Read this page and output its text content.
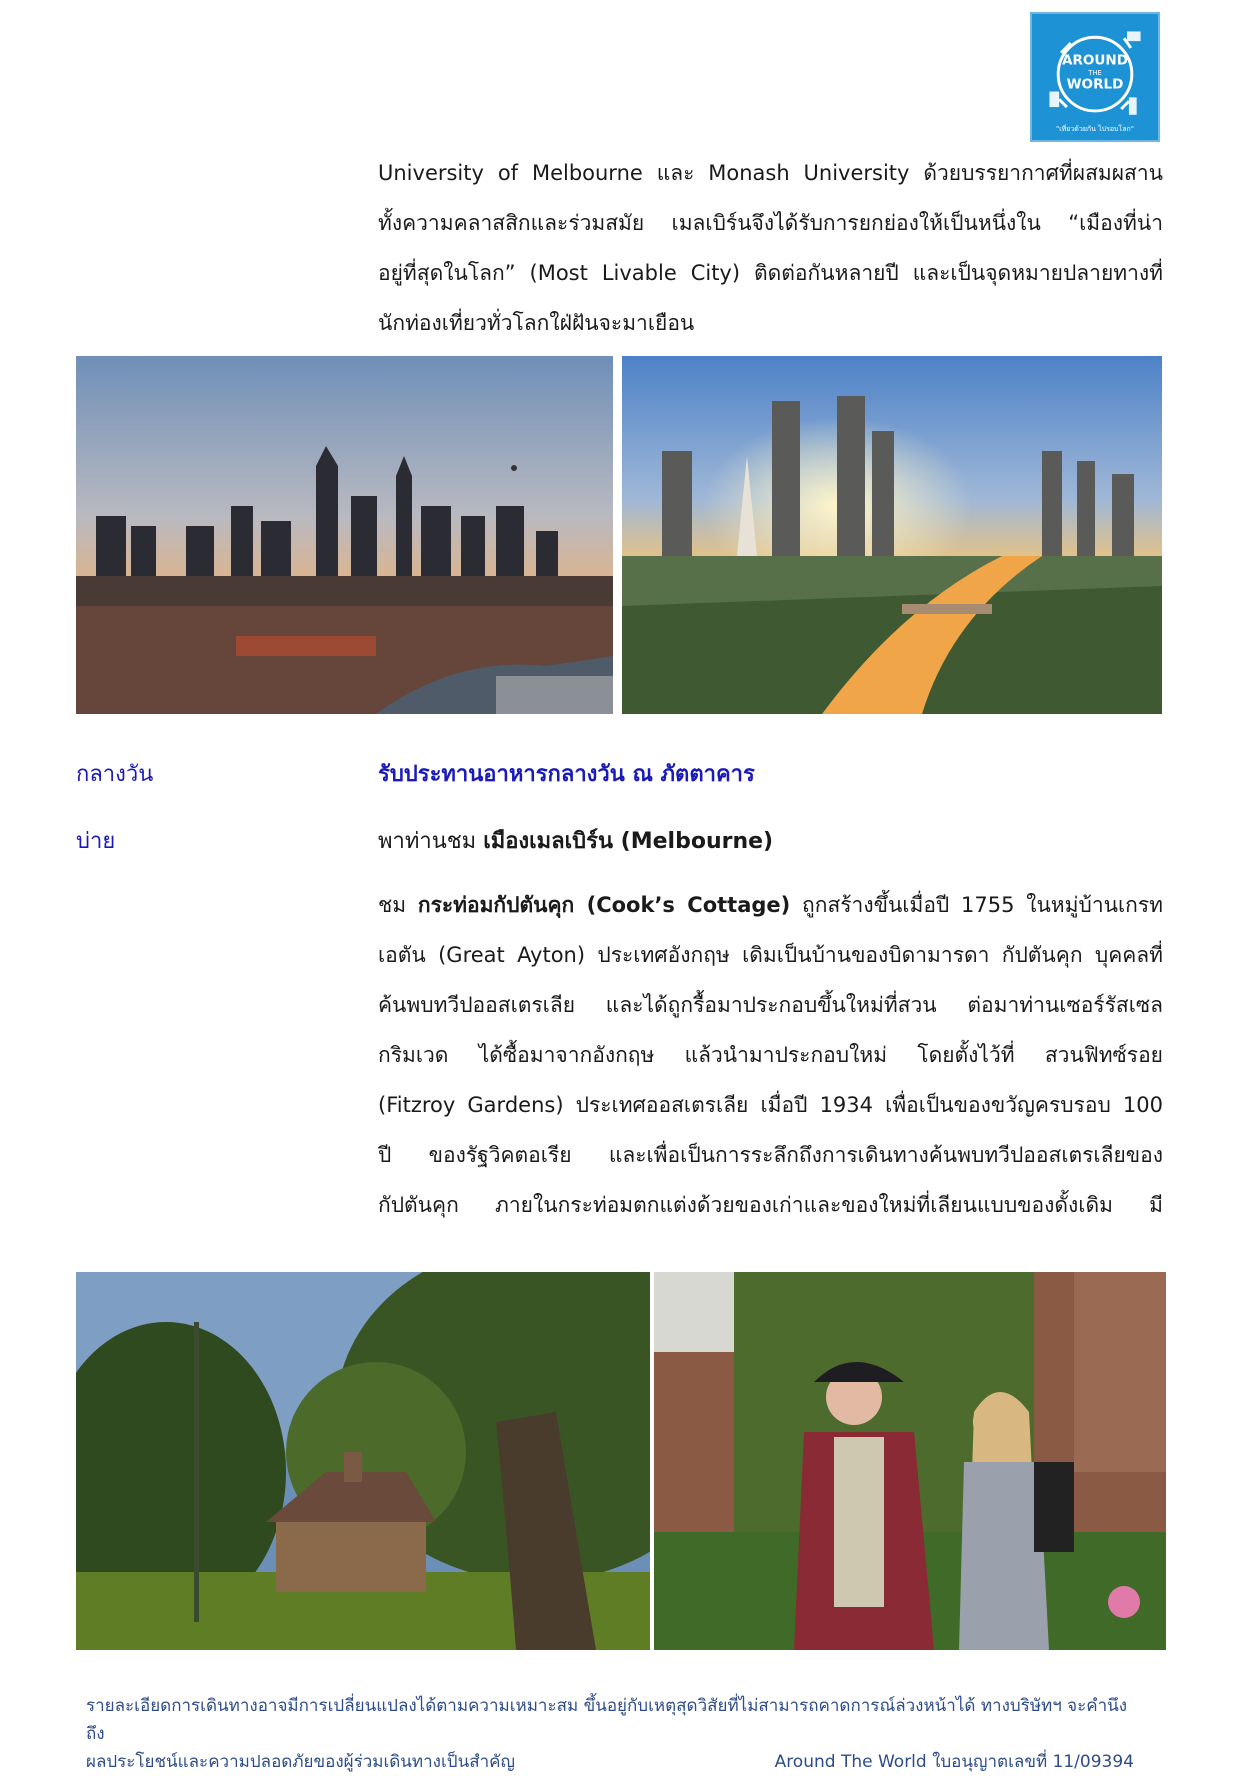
AROUND
THE
WORLD
"เที่ยวด้วยกัน ไปรอบโลก"

University of Melbourne และ Monash University ด้วยบรรยากาศที่ผสมผสาน

ทั้งความคลาสสิกและร่วมสมัย เมลเบิร์นจึงได้รับการยกย่องให้เป็นหนึ่งใน “เมืองที่น่า

อยู่ที่สุดในโลก” (Most Livable City) ติดต่อกันหลายปี และเป็นจุดหมายปลายทางที่

นักท่องเที่ยวทั่วโลกใฝ่ฝันจะมาเยือน

กลางวัน	รับประทานอาหารกลางวัน ณ ภัตตาคาร
บ่าย	พาท่านชม เมืองเมลเบิร์น (Melbourne)

ชม กระท่อมกัปตันคุก (Cook’s Cottage) ถูกสร้างขึ้นเมื่อปี 1755 ในหมู่บ้านเกรท

เอตัน (Great Ayton) ประเทศอังกฤษ เดิมเป็นบ้านของบิดามารดา กัปตันคุก บุคคลที่

ค้นพบทวีปออสเตรเลีย และได้ถูกรื้อมาประกอบขึ้นใหม่ที่สวน ต่อมาท่านเซอร์รัสเซล

กริมเวด ได้ซื้อมาจากอังกฤษ แล้วนำมาประกอบใหม่ โดยตั้งไว้ที่ สวนฟิทซ์รอย

(Fitzroy Gardens) ประเทศออสเตรเลีย เมื่อปี 1934 เพื่อเป็นของขวัญครบรอบ 100

ปี ของรัฐวิคตอเรีย และเพื่อเป็นการระลึกถึงการเดินทางค้นพบทวีปออสเตรเลียของ

กัปตันคุก ภายในกระท่อมตกแต่งด้วยของเก่าและของใหม่ที่เลียนแบบของดั้งเดิม มี

รายละเอียดการเดินทางอาจมีการเปลี่ยนแปลงได้ตามความเหมาะสม ขึ้นอยู่กับเหตุสุดวิสัยที่ไม่สามารถคาดการณ์ล่วงหน้าได้ ทางบริษัทฯ จะคำนึงถึง
ผลประโยชน์และความปลอดภัยของผู้ร่วมเดินทางเป็นสำคัญ	Around The World ใบอนุญาตเลขที่ 11/09394
